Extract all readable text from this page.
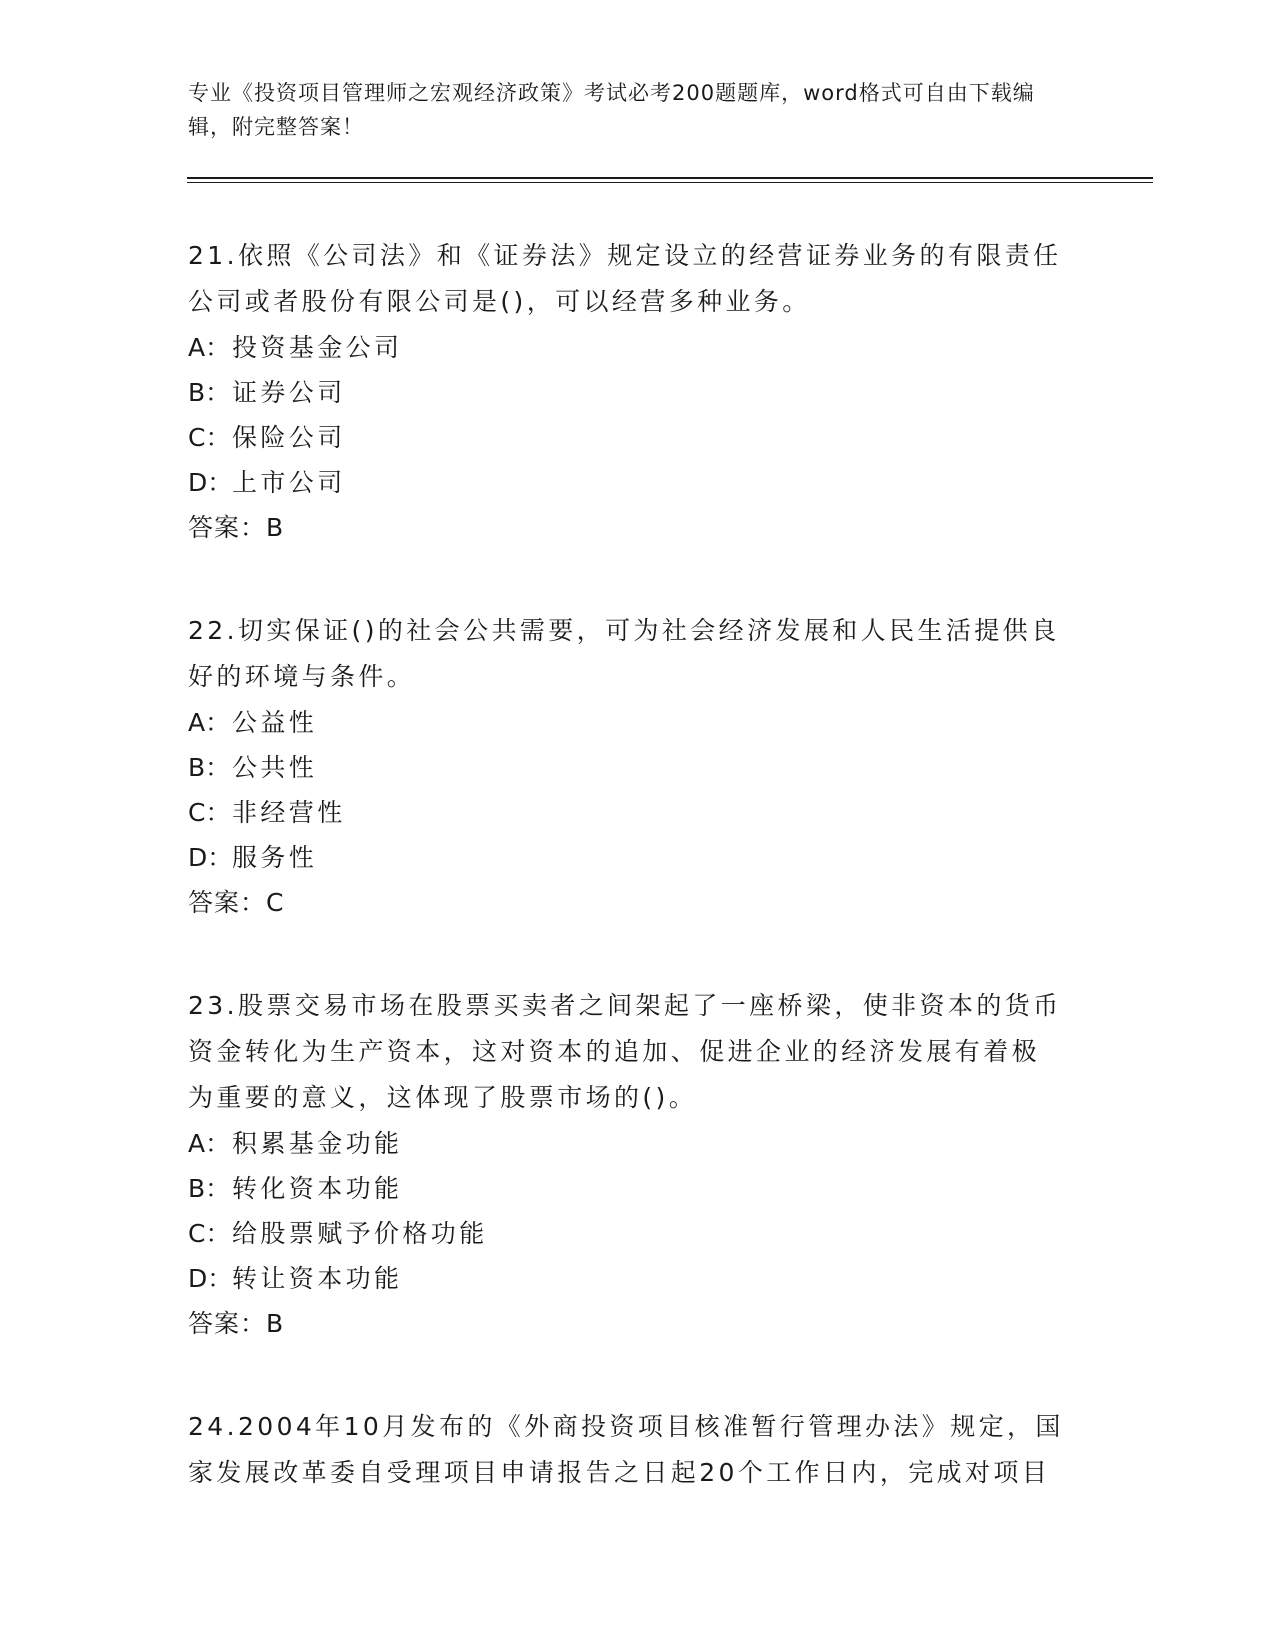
专业《投资项目管理师之宏观经济政策》考试必考200题题库，word格式可自由下载编辑，附完整答案！

21.依照《公司法》和《证券法》规定设立的经营证券业务的有限责任公司或者股份有限公司是()，可以经营多种业务。

A：投资基金公司

B：证券公司

C：保险公司

D：上市公司

答案：B

22.切实保证()的社会公共需要，可为社会经济发展和人民生活提供良好的环境与条件。

A：公益性

B：公共性

C：非经营性

D：服务性

答案：C

23.股票交易市场在股票买卖者之间架起了一座桥梁，使非资本的货币资金转化为生产资本，这对资本的追加、促进企业的经济发展有着极为重要的意义，这体现了股票市场的()。

A：积累基金功能

B：转化资本功能

C：给股票赋予价格功能

D：转让资本功能

答案：B

24.2004年10月发布的《外商投资项目核准暂行管理办法》规定，国家发展改革委自受理项目申请报告之日起20个工作日内，完成对项目
